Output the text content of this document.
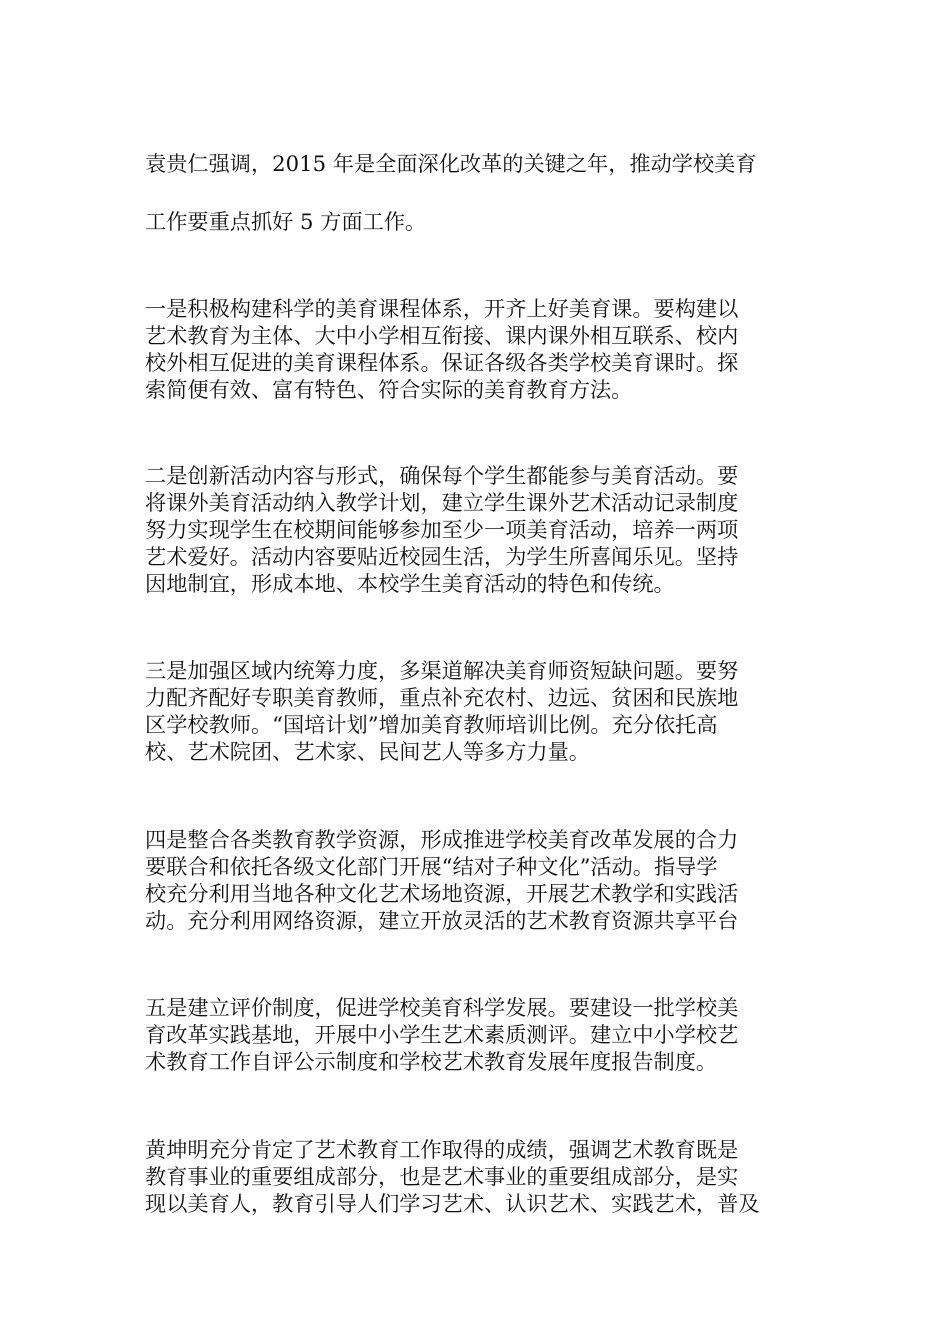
袁贵仁强调，2015 年是全面深化改革的关键之年，推动学校美育
工作要重点抓好 5 方面工作。

一是积极构建科学的美育课程体系，开齐上好美育课。要构建以
艺术教育为主体、大中小学相互衔接、课内课外相互联系、校内
校外相互促进的美育课程体系。保证各级各类学校美育课时。探
索简便有效、富有特色、符合实际的美育教育方法。

二是创新活动内容与形式，确保每个学生都能参与美育活动。要
将课外美育活动纳入教学计划，建立学生课外艺术活动记录制度
努力实现学生在校期间能够参加至少一项美育活动，培养一两项
艺术爱好。活动内容要贴近校园生活，为学生所喜闻乐见。坚持
因地制宜，形成本地、本校学生美育活动的特色和传统。

三是加强区域内统筹力度，多渠道解决美育师资短缺问题。要努
力配齐配好专职美育教师，重点补充农村、边远、贫困和民族地
区学校教师。“国培计划”增加美育教师培训比例。充分依托高
校、艺术院团、艺术家、民间艺人等多方力量。

四是整合各类教育教学资源，形成推进学校美育改革发展的合力
要联合和依托各级文化部门开展“结对子种文化”活动。指导学
校充分利用当地各种文化艺术场地资源，开展艺术教学和实践活
动。充分利用网络资源，建立开放灵活的艺术教育资源共享平台

五是建立评价制度，促进学校美育科学发展。要建设一批学校美
育改革实践基地，开展中小学生艺术素质测评。建立中小学校艺
术教育工作自评公示制度和学校艺术教育发展年度报告制度。

黄坤明充分肯定了艺术教育工作取得的成绩，强调艺术教育既是
教育事业的重要组成部分，也是艺术事业的重要组成部分，是实
现以美育人，教育引导人们学习艺术、认识艺术、实践艺术，普及
